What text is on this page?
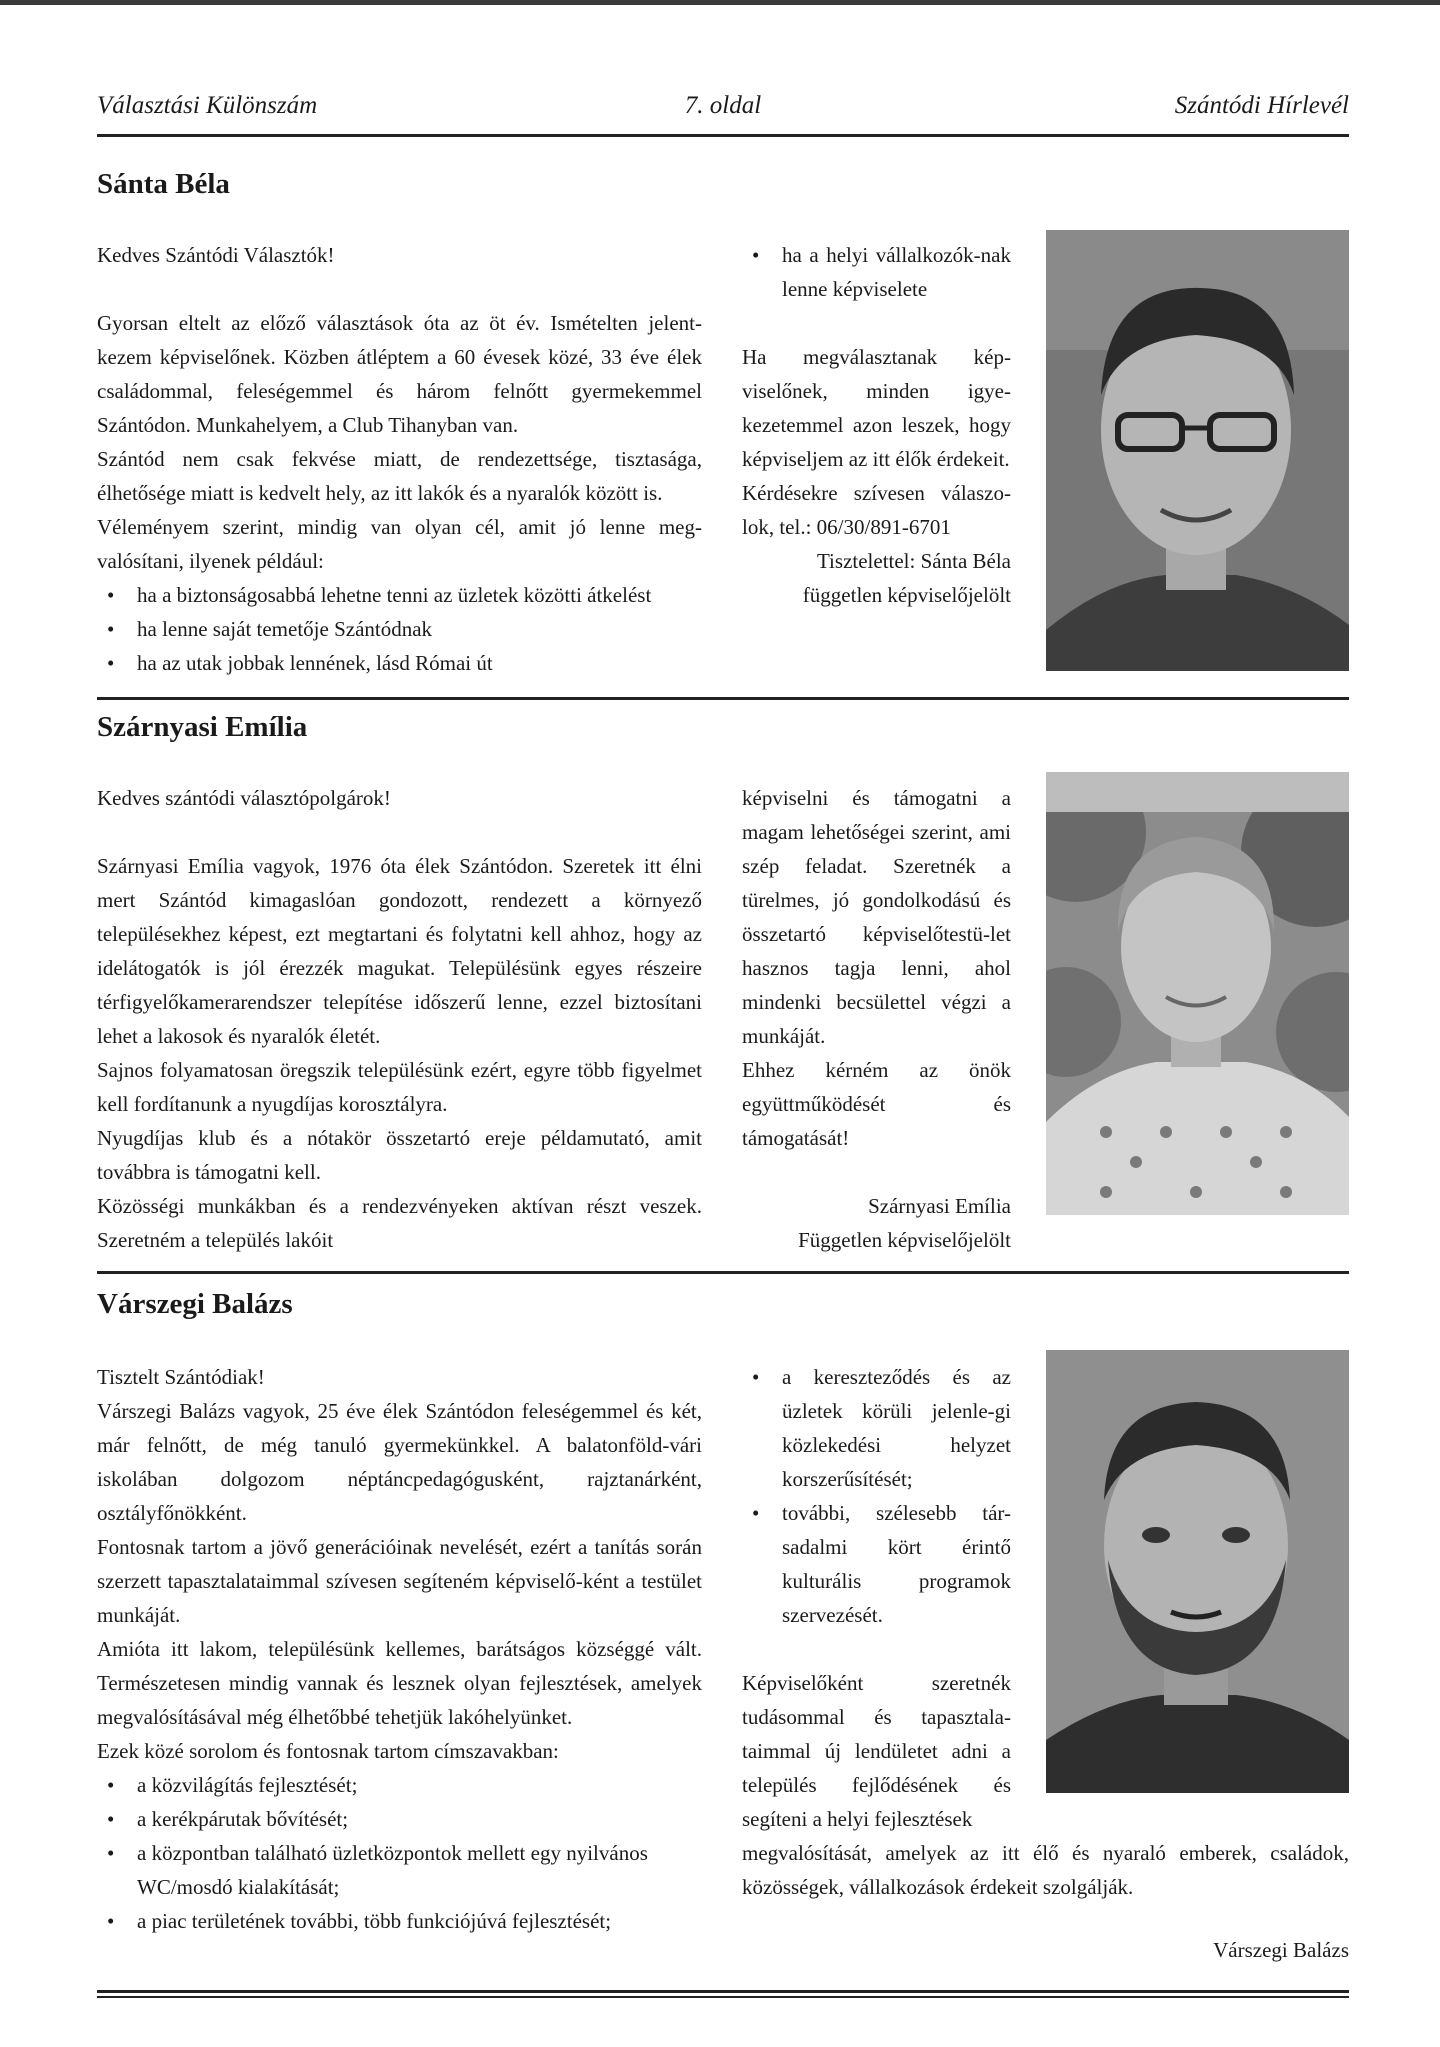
7. oldal
Választási Különszám	Szántódi Hírlevél
Sánta Béla

Kedves Szántódi Választók!

Gyorsan eltelt az előző választások óta az öt év. Ismételten jelent-kezem képviselőnek. Közben átléptem a 60 évesek közé, 33 éve élek családommal, feleségemmel és három felnőtt gyermekemmel Szántódon. Munkahelyem, a Club Tihanyban van.

Szántód nem csak fekvése miatt, de rendezettsége, tisztasága, élhetősége miatt is kedvelt hely, az itt lakók és a nyaralók között is.

Véleményem szerint, mindig van olyan cél, amit jó lenne meg-valósítani, ilyenek például:

• ha a biztonságosabbá lehetne tenni az üzletek közötti átkelést
• ha lenne saját temetője Szántódnak
• ha az utak jobbak lennének, lásd Római út
• ha a helyi vállalkozók-nak lenne képviselete

Ha megválasztanak kép-viselőnek, minden igye-kezetemmel azon leszek, hogy képviseljem az itt élők érdekeit.

Kérdésekre szívesen válaszo-lok, tel.: 06/30/891-6701

Tisztelettel: Sánta Béla

független képviselőjelölt

Szárnyasi Emília

Kedves szántódi választópolgárok!

Szárnyasi Emília vagyok, 1976 óta élek Szántódon. Szeretek itt élni mert Szántód kimagaslóan gondozott, rendezett a környező településekhez képest, ezt megtartani és folytatni kell ahhoz, hogy az idelátogatók is jól érezzék magukat. Településünk egyes részeire térfigyelőkamerarendszer telepítése időszerű lenne, ezzel biztosítani lehet a lakosok és nyaralók életét.

Sajnos folyamatosan öregszik településünk ezért, egyre több figyelmet kell fordítanunk a nyugdíjas korosztályra.

Nyugdíjas klub és a nótakör összetartó ereje példamutató, amit továbbra is támogatni kell.

Közösségi munkákban és a rendezvényeken aktívan részt veszek. Szeretném a település lakóit

képviselni és támogatni a magam lehetőségei szerint, ami szép feladat. Szeretnék a türelmes, jó gondolkodású és összetartó képviselőtestü-let hasznos tagja lenni, ahol mindenki becsülettel végzi a munkáját.

Ehhez kérném az önök együttműködését és támogatását!

Szárnyasi Emília

Független képviselőjelölt

Várszegi Balázs

Tisztelt Szántódiak!

Várszegi Balázs vagyok, 25 éve élek Szántódon feleségemmel és két, már felnőtt, de még tanuló gyermekünkkel. A balatonföld-vári iskolában dolgozom néptáncpedagógusként, rajztanárként, osztályfőnökként.

Fontosnak tartom a jövő generációinak nevelését, ezért a tanítás során szerzett tapasztalataimmal szívesen segíteném képviselő-ként a testület munkáját.

Amióta itt lakom, településünk kellemes, barátságos községgé vált. Természetesen mindig vannak és lesznek olyan fejlesztések, amelyek megvalósításával még élhetőbbé tehetjük lakóhelyünket.

Ezek közé sorolom és fontosnak tartom címszavakban:

• a közvilágítás fejlesztését;
• a kerékpárutak bővítését;
• a központban található üzletközpontok mellett egy nyilvános WC/mosdó kialakítását;
• a piac területének további, több funkciójúvá fejlesztését;
• a kereszteződés és az üzletek körüli jelenle-gi közlekedési helyzet korszerűsítését;
• további, szélesebb tár-sadalmi kört érintő kulturális programok szervezését.

Képviselőként szeretnék tudásommal és tapasztala-taimmal új lendületet adni a település fejlődésének és segíteni a helyi fejlesztések

megvalósítását, amelyek az itt élő és nyaraló emberek, családok, közösségek, vállalkozások érdekeit szolgálják.

Várszegi Balázs
